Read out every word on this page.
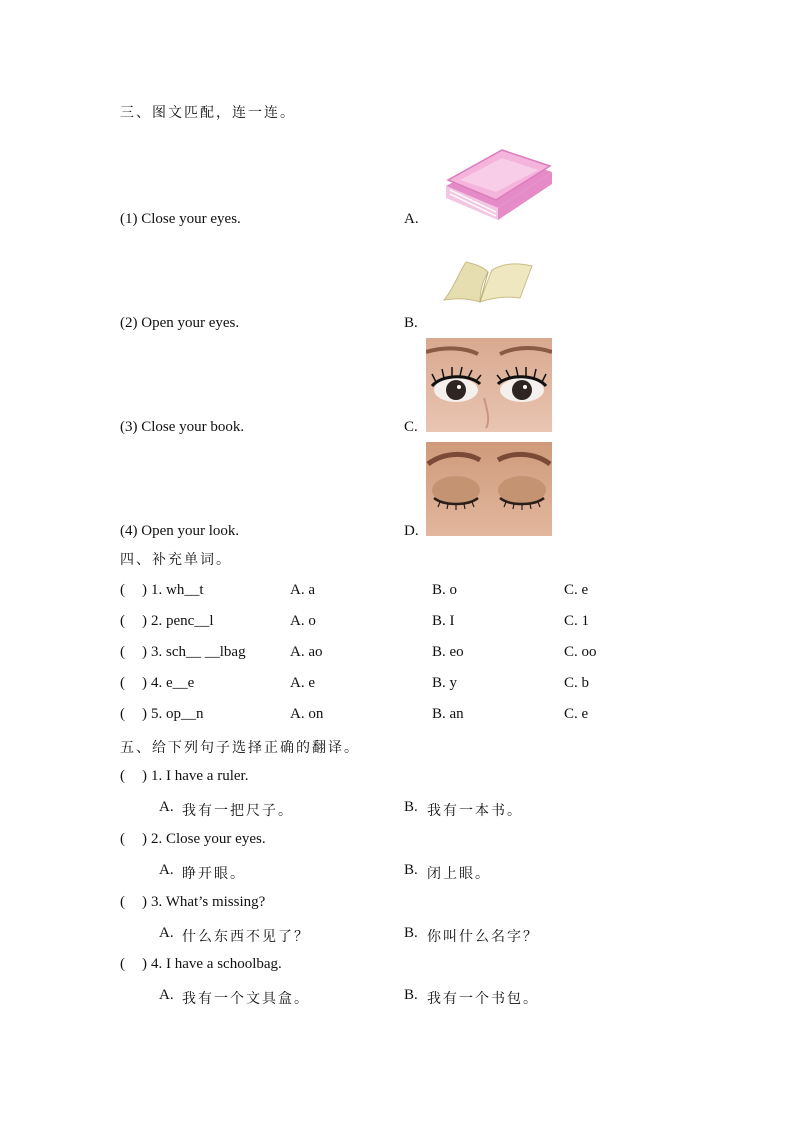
三、图文匹配，连一连。
(1) Close your eyes.	A.
(2) Open your eyes.	B.
(3) Close your book.	C.
(4) Open your look.	D.
四、补充单词。
( ) 1. wh__t	A. a	B. o	C. e
( ) 2. penc__l	A. o	B. I	C. 1
( ) 3. sch__ __lbag	A. ao	B. eo	C. oo
( ) 4. e__e	A. e	B. y	C. b
( ) 5. op__n	A. on	B. an	C. e
五、给下列句子选择正确的翻译。
( ) 1. I have a ruler.
A. 我有一把尺子。	B. 我有一本书。
( ) 2. Close your eyes.
A. 睁开眼。	B. 闭上眼。
( ) 3. What’s missing?
A. 什么东西不见了？	B. 你叫什么名字？
( ) 4. I have a schoolbag.
A. 我有一个文具盒。	B. 我有一个书包。
